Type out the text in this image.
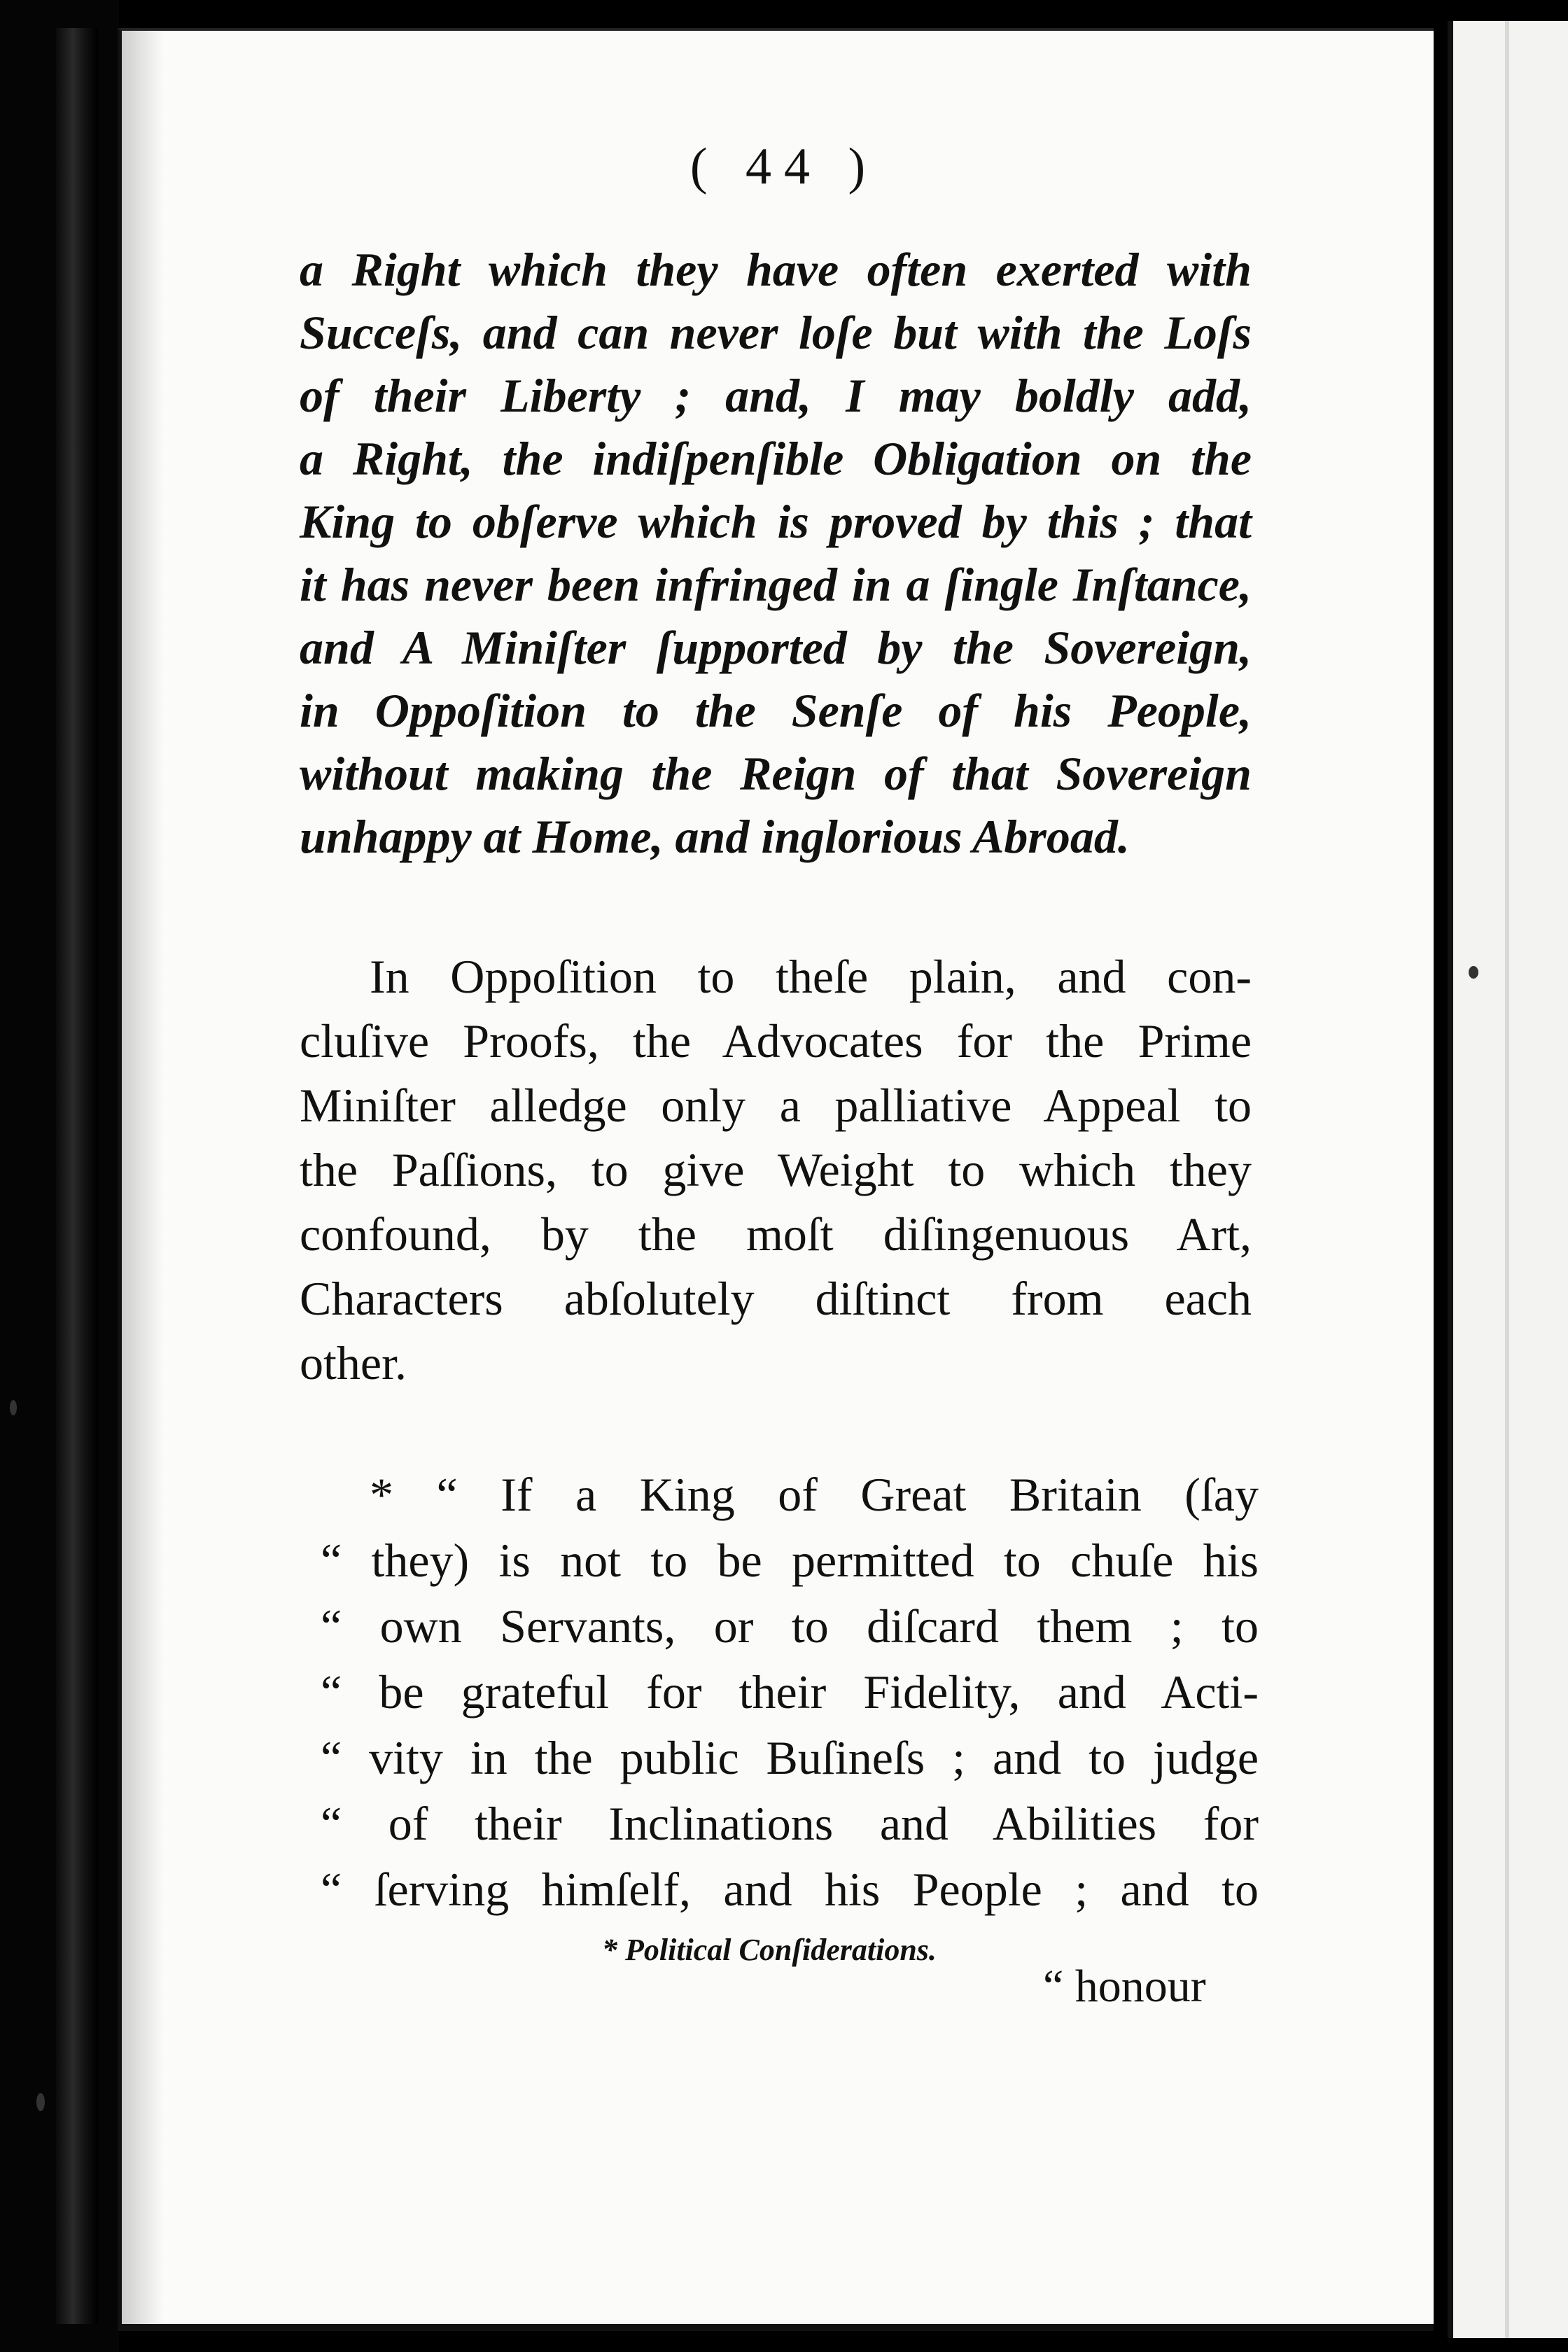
( 44 )
a Right which they have often exerted with
Succeſs, and can never loſe but with the Loſs
of their Liberty ; and, I may boldly add,
a Right, the indiſpenſible Obligation on the
King to obſerve which is proved by this ; that
it has never been infringed in a ſingle Inſtance,
and A Miniſter ſupported by the Sovereign,
in Oppoſition to the Senſe of his People,
without making the Reign of that Sovereign
unhappy at Home, and inglorious Abroad.
In Oppoſition to theſe plain, and con-
cluſive Proofs, the Advocates for the Prime
Miniſter alledge only a palliative Appeal to
the Paſſions, to give Weight to which they
confound, by the moſt diſingenuous Art,
Characters abſolutely diſtinct from each
other.
* “ If a King of Great Britain (ſay
“ they) is not to be permitted to chuſe his
“ own Servants, or to diſcard them ; to
“ be grateful for their Fidelity, and Acti-
“ vity in the public Buſineſs ; and to judge
“ of their Inclinations and Abilities for
“ ſerving himſelf, and his People ; and to
* Political Conſiderations.
“ honour
